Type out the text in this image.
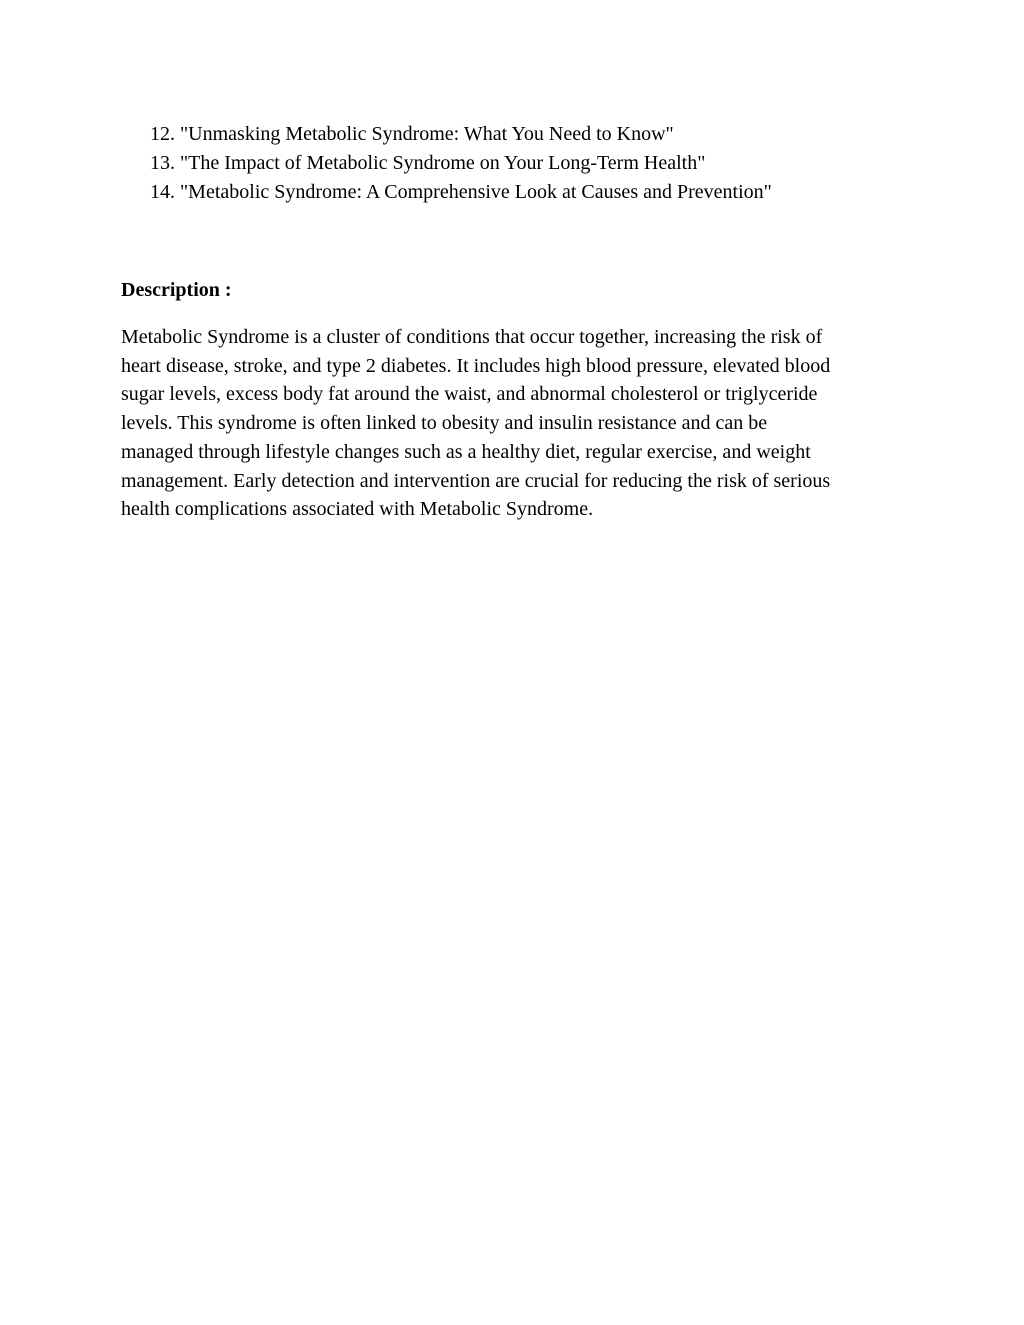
12. "Unmasking Metabolic Syndrome: What You Need to Know"
13. "The Impact of Metabolic Syndrome on Your Long-Term Health"
14. "Metabolic Syndrome: A Comprehensive Look at Causes and Prevention"
Description :

Metabolic Syndrome is a cluster of conditions that occur together, increasing the risk of
heart disease, stroke, and type 2 diabetes. It includes high blood pressure, elevated blood
sugar levels, excess body fat around the waist, and abnormal cholesterol or triglyceride
levels. This syndrome is often linked to obesity and insulin resistance and can be
managed through lifestyle changes such as a healthy diet, regular exercise, and weight
management. Early detection and intervention are crucial for reducing the risk of serious
health complications associated with Metabolic Syndrome.
